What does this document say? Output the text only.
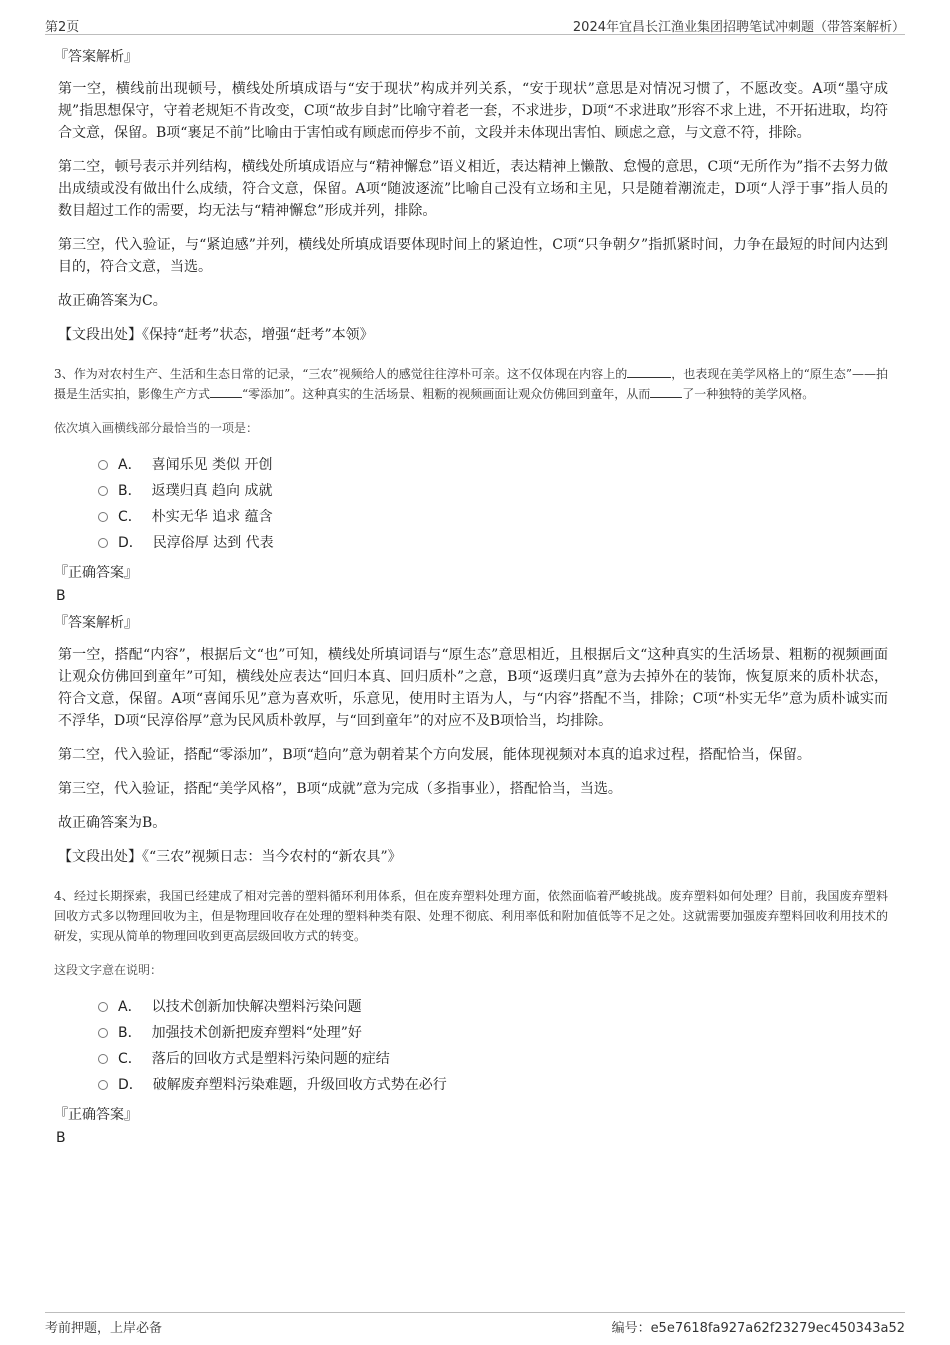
第2页	2024年宜昌长江渔业集团招聘笔试冲刺题（带答案解析）
『答案解析』
第一空，横线前出现顿号，横线处所填成语与“安于现状”构成并列关系，“安于现状”意思是对情况习惯了，不愿改变。A项“墨守成规”指思想保守，守着老规矩不肯改变，C项“故步自封”比喻守着老一套，不求进步，D项“不求进取”形容不求上进，不开拓进取，均符合文意，保留。B项“裹足不前”比喻由于害怕或有顾虑而停步不前，文段并未体现出害怕、顾虑之意，与文意不符，排除。
第二空，顿号表示并列结构，横线处所填成语应与“精神懈怠”语义相近，表达精神上懒散、怠慢的意思，C项“无所作为”指不去努力做出成绩或没有做出什么成绩，符合文意，保留。A项“随波逐流”比喻自己没有立场和主见，只是随着潮流走，D项“人浮于事”指人员的数目超过工作的需要，均无法与“精神懈怠”形成并列，排除。
第三空，代入验证，与“紧迫感”并列，横线处所填成语要体现时间上的紧迫性，C项“只争朝夕”指抓紧时间，力争在最短的时间内达到目的，符合文意，当选。
故正确答案为C。
【文段出处】《保持“赶考”状态，增强“赶考”本领》
3、作为对农村生产、生活和生态日常的记录，“三农”视频给人的感觉往往淳朴可亲。这不仅体现在内容上的	，也表现在美学风格上的“原生态”——拍摄是生活实拍，影像生产方式	“零添加”。这种真实的生活场景、粗粝的视频画面让观众仿佛回到童年，从而	了一种独特的美学风格。
依次填入画横线部分最恰当的一项是：
A． 喜闻乐见 类似 开创
B． 返璞归真 趋向 成就
C． 朴实无华 追求 蕴含
D． 民淳俗厚 达到 代表
『正确答案』
B
『答案解析』
第一空，搭配“内容”，根据后文“也”可知，横线处所填词语与“原生态”意思相近，且根据后文“这种真实的生活场景、粗粝的视频画面让观众仿佛回到童年”可知，横线处应表达“回归本真、回归质朴”之意，B项“返璞归真”意为去掉外在的装饰，恢复原来的质朴状态，符合文意，保留。A项“喜闻乐见”意为喜欢听，乐意见，使用时主语为人，与“内容”搭配不当，排除；C项“朴实无华”意为质朴诚实而不浮华，D项“民淳俗厚”意为民风质朴敦厚，与“回到童年”的对应不及B项恰当，均排除。
第二空，代入验证，搭配“零添加”，B项“趋向”意为朝着某个方向发展，能体现视频对本真的追求过程，搭配恰当，保留。
第三空，代入验证，搭配“美学风格”，B项“成就”意为完成（多指事业），搭配恰当，当选。
故正确答案为B。
【文段出处】《“三农”视频日志：当今农村的“新农具”》
4、经过长期探索，我国已经建成了相对完善的塑料循环利用体系，但在废弃塑料处理方面，依然面临着严峻挑战。废弃塑料如何处理？目前，我国废弃塑料回收方式多以物理回收为主，但是物理回收存在处理的塑料种类有限、处理不彻底、利用率低和附加值低等不足之处。这就需要加强废弃塑料回收利用技术的研发，实现从简单的物理回收到更高层级回收方式的转变。
这段文字意在说明：
A． 以技术创新加快解决塑料污染问题
B． 加强技术创新把废弃塑料“处理”好
C． 落后的回收方式是塑料污染问题的症结
D． 破解废弃塑料污染难题，升级回收方式势在必行
『正确答案』
B
考前押题，上岸必备	编号：e5e7618fa927a62f23279ec450343a52
